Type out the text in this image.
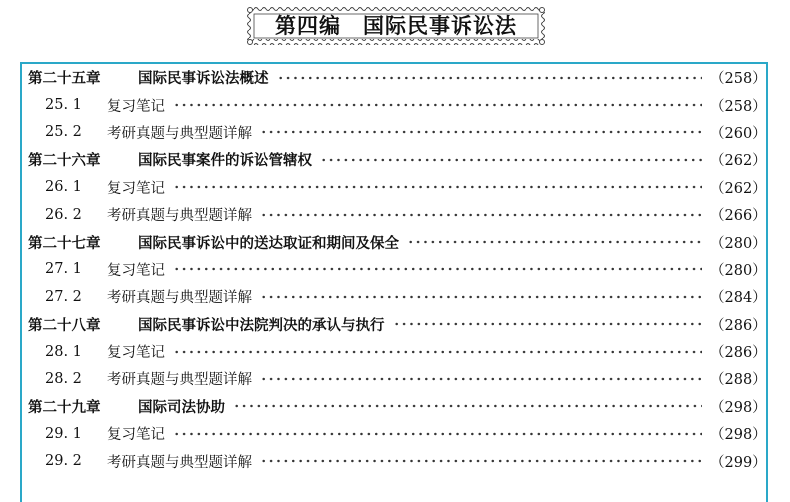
第四编　国际民事诉讼法
第二十五章	国际民事诉讼法概述	（258）
25. 1	复习笔记	（258）
25. 2	考研真题与典型题详解	（260）
第二十六章	国际民事案件的诉讼管辖权	（262）
26. 1	复习笔记	（262）
26. 2	考研真题与典型题详解	（266）
第二十七章	国际民事诉讼中的送达取证和期间及保全	（280）
27. 1	复习笔记	（280）
27. 2	考研真题与典型题详解	（284）
第二十八章	国际民事诉讼中法院判决的承认与执行	（286）
28. 1	复习笔记	（286）
28. 2	考研真题与典型题详解	（288）
第二十九章	国际司法协助	（298）
29. 1	复习笔记	（298）
29. 2	考研真题与典型题详解	（299）
